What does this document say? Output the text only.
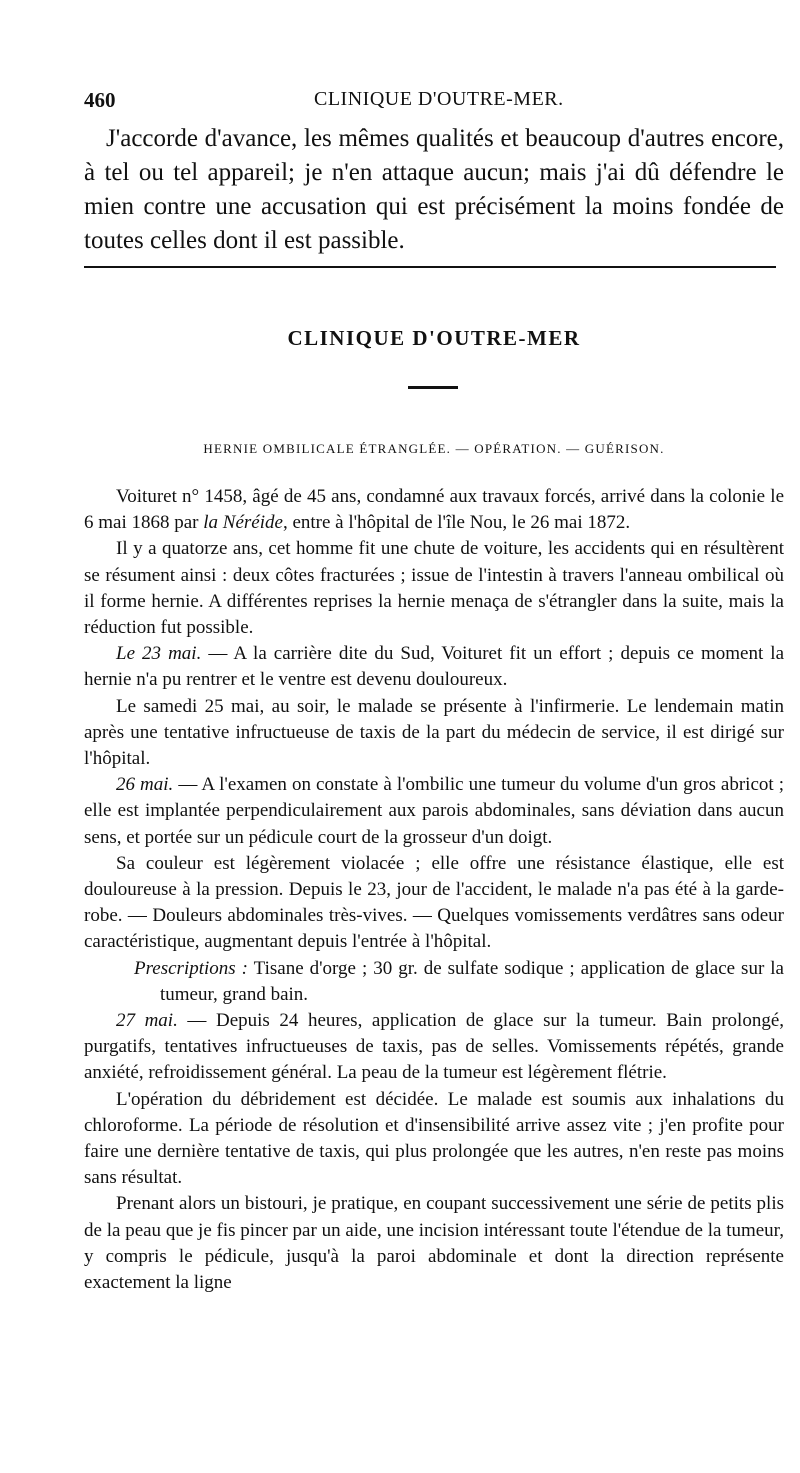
460	CLINIQUE D'OUTRE-MER.

J'accorde d'avance, les mêmes qualités et beaucoup d'autres encore, à tel ou tel appareil; je n'en attaque aucun; mais j'ai dû défendre le mien contre une accusation qui est précisément la moins fondée de toutes celles dont il est passible.

CLINIQUE D'OUTRE-MER
HERNIE OMBILICALE ÉTRANGLÉE. — OPÉRATION. — GUÉRISON.

Voituret n° 1458, âgé de 45 ans, condamné aux travaux forcés, arrivé dans la colonie le 6 mai 1868 par la Néréide, entre à l'hôpital de l'île Nou, le 26 mai 1872.

Il y a quatorze ans, cet homme fit une chute de voiture, les accidents qui en résultèrent se résument ainsi : deux côtes fracturées ; issue de l'intestin à travers l'anneau ombilical où il forme hernie. A différentes reprises la hernie menaça de s'étrangler dans la suite, mais la réduction fut possible.

Le 23 mai. — A la carrière dite du Sud, Voituret fit un effort ; depuis ce moment la hernie n'a pu rentrer et le ventre est devenu douloureux.

Le samedi 25 mai, au soir, le malade se présente à l'infirmerie. Le lendemain matin après une tentative infructueuse de taxis de la part du médecin de service, il est dirigé sur l'hôpital.

26 mai. — A l'examen on constate à l'ombilic une tumeur du volume d'un gros abricot ; elle est implantée perpendiculairement aux parois abdominales, sans déviation dans aucun sens, et portée sur un pédicule court de la grosseur d'un doigt.

Sa couleur est légèrement violacée ; elle offre une résistance élastique, elle est douloureuse à la pression. Depuis le 23, jour de l'accident, le malade n'a pas été à la garde-robe. — Douleurs abdominales très-vives. — Quelques vomissements verdâtres sans odeur caractéristique, augmentant depuis l'entrée à l'hôpital.

Prescriptions : Tisane d'orge ; 30 gr. de sulfate sodique ; application de glace sur la tumeur, grand bain.

27 mai. — Depuis 24 heures, application de glace sur la tumeur. Bain prolongé, purgatifs, tentatives infructueuses de taxis, pas de selles. Vomissements répétés, grande anxiété, refroidissement général. La peau de la tumeur est légèrement flétrie.

L'opération du débridement est décidée. Le malade est soumis aux inhalations du chloroforme. La période de résolution et d'insensibilité arrive assez vite ; j'en profite pour faire une dernière tentative de taxis, qui plus prolongée que les autres, n'en reste pas moins sans résultat.

Prenant alors un bistouri, je pratique, en coupant successivement une série de petits plis de la peau que je fis pincer par un aide, une incision intéressant toute l'étendue de la tumeur, y compris le pédicule, jusqu'à la paroi abdominale et dont la direction représente exactement la ligne
